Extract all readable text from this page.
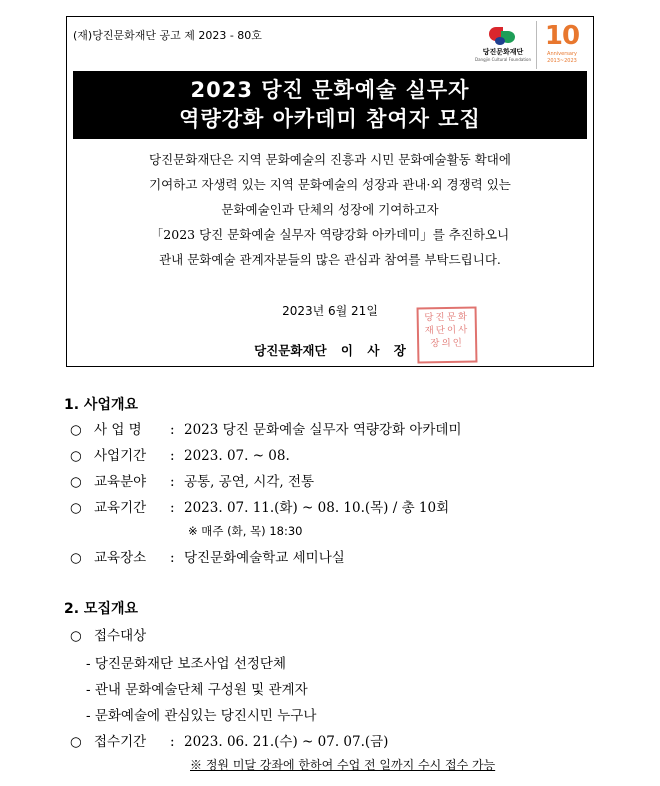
(재)당진문화재단 공고 제 2023 - 80호
당진문화재단
Dangjin Cultural Foundation
10
Anniversary
2013~2023
2023 당진 문화예술 실무자
역량강화 아카데미 참여자 모집
당진문화재단은 지역 문화예술의 진흥과 시민 문화예술활동 확대에
기여하고 자생력 있는 지역 문화예술의 성장과 관내·외 경쟁력 있는
문화예술인과 단체의 성장에 기여하고자
「2023 당진 문화예술 실무자 역량강화 아카데미」를 추진하오니
관내 문화예술 관계자분들의 많은 관심과 참여를 부탁드립니다.
2023년 6월 21일
당진문화재단 이 사 장
당진문화
재단이사
장의인
1. 사업개요
○ 사 업 명 : 2023 당진 문화예술 실무자 역량강화 아카데미
○ 사업기간 : 2023. 07. ~ 08.
○ 교육분야 : 공통, 공연, 시각, 전통
○ 교육기간 : 2023. 07. 11.(화) ~ 08. 10.(목) / 총 10회
※ 매주 (화, 목) 18:30
○ 교육장소 : 당진문화예술학교 세미나실
2. 모집개요
○ 접수대상
- 당진문화재단 보조사업 선정단체
- 관내 문화예술단체 구성원 및 관계자
- 문화예술에 관심있는 당진시민 누구나
○ 접수기간 : 2023. 06. 21.(수) ~ 07. 07.(금)
※ 정원 미달 강좌에 한하여 수업 전 일까지 수시 접수 가능
